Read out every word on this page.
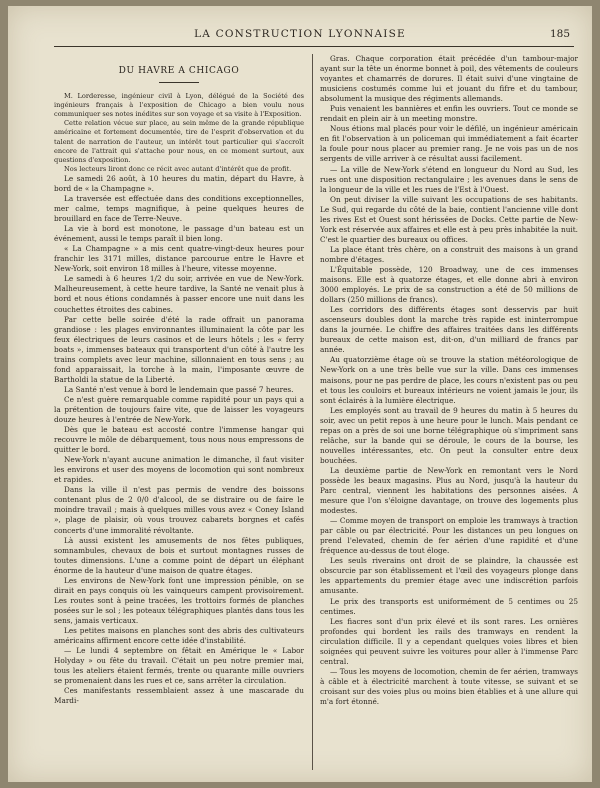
LA CONSTRUCTION LYONNAISE	185
DU HAVRE A CHICAGO

M. Lorderesse, ingénieur civil à Lyon, délégué de la Société des ingénieurs français à l'exposition de Chicago a bien voulu nous communiquer ses notes inédites sur son voyage et sa visite à l'Exposition.

Cette relation vécue sur place, au sein même de la grande république américaine et fortement documentée, tire de l'esprit d'observation et du talent de narration de l'auteur, un intérêt tout particulier qui s'accroît encore de l'attrait qui s'attache pour nous, en ce moment surtout, aux questions d'exposition.

Nos lecteurs liront donc ce récit avec autant d'intérêt que de profit.

Le samedi 26 août, à 10 heures du matin, départ du Havre, à bord de « la Champagne ».

La traversée est effectuée dans des conditions exceptionnelles, mer calme, temps magnifique, à peine quelques heures de brouillard en face de Terre-Neuve.

La vie à bord est monotone, le passage d'un bateau est un événement, aussi le temps paraît il bien long.

« La Champagne » a mis cent quatre-vingt-deux heures pour franchir les 3171 milles, distance parcourue entre le Havre et New-York, soit environ 18 milles à l'heure, vitesse moyenne.

Le samedi à 6 heures 1/2 du soir, arrivée en vue de New-York. Malheureusement, à cette heure tardive, la Santé ne venait plus à bord et nous étions condamnés à passer encore une nuit dans les couchettes étroites des cabines.

Par cette belle soirée d'été la rade offrait un panorama grandiose : les plages environnantes illuminaient la côte par les feux électriques de leurs casinos et de leurs hôtels ; les « ferry boats », immenses bateaux qui transportent d'un côté à l'autre les trains complets avec leur machine, sillonnaient en tous sens ; au fond apparaissait, la torche à la main, l'imposante œuvre de Bartholdi la statue de la Liberté.

La Santé n'est venue à bord le lendemain que passé 7 heures.

Ce n'est guère remarquable comme rapidité pour un pays qui a la prétention de toujours faire vite, que de laisser les voyageurs douze heures à l'entrée de New-York.

Dès que le bateau est accosté contre l'immense hangar qui recouvre le môle de débarquement, tous nous nous empressons de quitter le bord.

New-York n'ayant aucune animation le dimanche, il faut visiter les environs et user des moyens de locomotion qui sont nombreux et rapides.

Dans la ville il n'est pas permis de vendre des boissons contenant plus de 2 0/0 d'alcool, de se distraire ou de faire le moindre travail ; mais à quelques milles vous avez « Coney Island », plage de plaisir, où vous trouvez cabarets borgnes et cafés concerts d'une immoralité révoltante.

Là aussi existent les amusements de nos fêtes publiques, somnambules, chevaux de bois et surtout montagnes russes de toutes dimensions. L'une a comme point de départ un éléphant énorme de la hauteur d'une maison de quatre étages.

Les environs de New-York font une impression pénible, on se dirait en pays conquis où les vainqueurs campent provisoirement. Les routes sont à peine tracées, les trottoirs formés de planches posées sur le sol ; les poteaux télégraphiques plantés dans tous les sens, jamais verticaux.

Les petites maisons en planches sont des abris des cultivateurs américains affirment encore cette idée d'instabilité.

— Le lundi 4 septembre on fêtait en Amérique le « Labor Holyday » ou fête du travail. C'était un peu notre premier mai, tous les ateliers étaient fermés, trente ou quarante mille ouvriers se promenaient dans les rues et ce, sans arrêter la circulation.

Ces manifestants ressemblaient assez à une mascarade du Mardi-

Gras. Chaque corporation était précédée d'un tambour-major ayant sur la tête un énorme bonnet à poil, des vêtements de couleurs voyantes et chamarrés de dorures. Il était suivi d'une vingtaine de musiciens costumés comme lui et jouant du fifre et du tambour, absolument la musique des régiments allemands.

Puis venaient les bannières et enfin les ouvriers. Tout ce monde se rendait en plein air à un meeting monstre.

Nous étions mal placés pour voir le défilé, un ingénieur américain en fit l'observation à un policeman qui immédiatement a fait écarter la foule pour nous placer au premier rang. Je ne vois pas un de nos sergents de ville arriver à ce résultat aussi facilement.

— La ville de New-York s'étend en longueur du Nord au Sud, les rues ont une disposition rectangulaire ; les avenues dans le sens de la longueur de la ville et les rues de l'Est à l'Ouest.

On peut diviser la ville suivant les occupations de ses habitants. Le Sud, qui regarde du côté de la baie, contient l'ancienne ville dont les rives Est et Ouest sont hérissées de Docks. Cette partie de New-York est réservée aux affaires et elle est à peu près inhabitée la nuit. C'est le quartier des bureaux ou offices.

La place étant très chère, on a construit des maisons à un grand nombre d'étages.

L'Équitable possède, 120 Broadway, une de ces immenses maisons. Elle est à quatorze étages, et elle donne abri à environ 3000 employés. Le prix de sa construction a été de 50 millions de dollars (250 millions de francs).

Les corridors des différents étages sont desservis par huit ascenseurs doubles dont la marche très rapide est ininterrompue dans la journée. Le chiffre des affaires traitées dans les différents bureaux de cette maison est, dit-on, d'un milliard de francs par année.

Au quatorzième étage où se trouve la station météorologique de New-York on a une très belle vue sur la ville. Dans ces immenses maisons, pour ne pas perdre de place, les cours n'existent pas ou peu et tous les couloirs et bureaux intérieurs ne voient jamais le jour, ils sont éclairés à la lumière électrique.

Les employés sont au travail de 9 heures du matin à 5 heures du soir, avec un petit repos à une heure pour le lunch. Mais pendant ce repas on a près de soi une borne télégraphique où s'impriment sans relâche, sur la bande qui se déroule, le cours de la bourse, les nouvelles intéressantes, etc. On peut la consulter entre deux bouchées.

La deuxième partie de New-York en remontant vers le Nord possède les beaux magasins. Plus au Nord, jusqu'à la hauteur du Parc central, viennent les habitations des personnes aisées. A mesure que l'on s'éloigne davantage, on trouve des logements plus modestes.

— Comme moyen de transport on emploie les tramways à traction par câble ou par électricité. Pour les distances un peu longues on prend l'elevated, chemin de fer aérien d'une rapidité et d'une fréquence au-dessus de tout éloge.

Les seuls riverains ont droit de se plaindre, la chaussée est obscurcie par son établissement et l'œil des voyageurs plonge dans les appartements du premier étage avec une indiscrétion parfois amusante.

Le prix des transports est uniformément de 5 centimes ou 25 centimes.

Les fiacres sont d'un prix élevé et ils sont rares. Les ornières profondes qui bordent les rails des tramways en rendent la circulation difficile. Il y a cependant quelques voies libres et bien soignées qui peuvent suivre les voitures pour aller à l'immense Parc central.

— Tous les moyens de locomotion, chemin de fer aérien, tramways à câble et à électricité marchent à toute vitesse, se suivant et se croisant sur des voies plus ou moins bien établies et à une allure qui m'a fort étonné.
